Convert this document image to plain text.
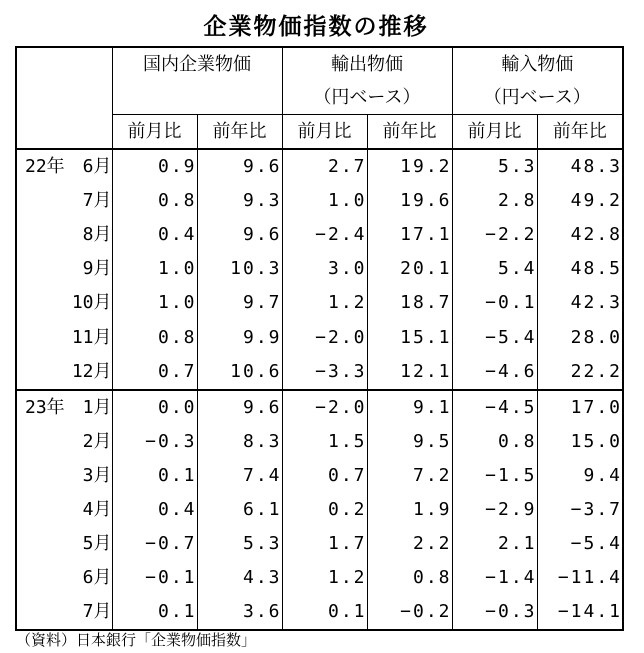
企業物価指数の推移
	国内企業物価		輸出物価		輸入物価	
			（円ベース）		（円ベース）	
	前月比	前年比	前月比	前年比	前月比	前年比
22年　6月	0.9	9.6	2.7	19.2	5.3	48.3
7月	0.8	9.3	1.0	19.6	2.8	49.2
8月	0.4	9.6	−2.4	17.1	−2.2	42.8
9月	1.0	10.3	3.0	20.1	5.4	48.5
10月	1.0	9.7	1.2	18.7	−0.1	42.3
11月	0.8	9.9	−2.0	15.1	−5.4	28.0
12月	0.7	10.6	−3.3	12.1	−4.6	22.2
23年　1月	0.0	9.6	−2.0	9.1	−4.5	17.0
2月	−0.3	8.3	1.5	9.5	0.8	15.0
3月	0.1	7.4	0.7	7.2	−1.5	9.4
4月	0.4	6.1	0.2	1.9	−2.9	−3.7
5月	−0.7	5.3	1.7	2.2	2.1	−5.4
6月	−0.1	4.3	1.2	0.8	−1.4	−11.4
7月	0.1	3.6	0.1	−0.2	−0.3	−14.1
（資料）日本銀行「企業物価指数」
